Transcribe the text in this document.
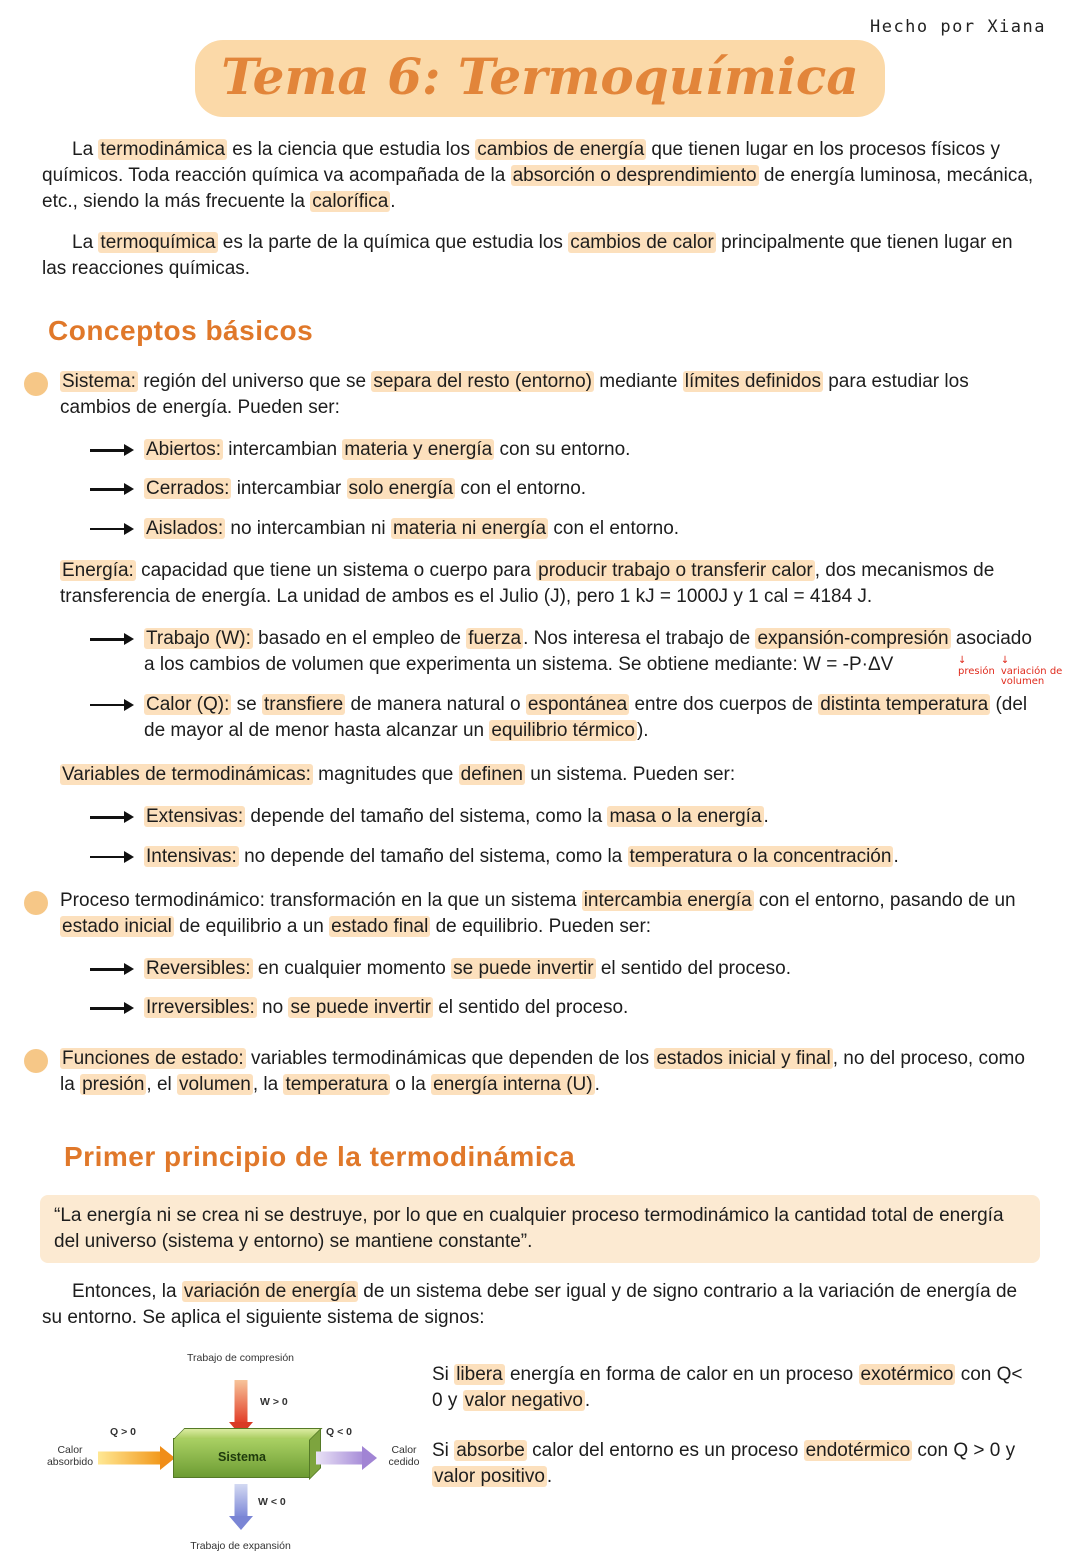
Hecho por Xiana
Tema 6: Termoquímica

La termodinámica es la ciencia que estudia los cambios de energía que tienen lugar en los procesos físicos y químicos. Toda reacción química va acompañada de la absorción o desprendimiento de energía luminosa, mecánica, etc., siendo la más frecuente la calorífica .

La termoquímica es la parte de la química que estudia los cambios de calor principalmente que tienen lugar en las reacciones químicas.

Conceptos básicos
Sistema: región del universo que se separa del resto (entorno) mediante límites definidos para estudiar los cambios de energía. Pueden ser:
Abiertos: intercambian materia y energía con su entorno.
Cerrados: intercambiar solo energía con el entorno.
Aislados: no intercambian ni materia ni energía con el entorno.

Energía: capacidad que tiene un sistema o cuerpo para producir trabajo o transferir calor , dos mecanismos de transferencia de energía. La unidad de ambos es el Julio (J), pero 1 kJ = 1000J y 1 cal = 4184 J.

Trabajo (W): basado en el empleo de fuerza . Nos interesa el trabajo de expansión-compresión asociado a los cambios de volumen que experimenta un sistema. Se obtiene mediante: W = -P·ΔV	↓
presión
↓
variación de volumen
Calor (Q): se transfiere de manera natural o espontánea entre dos cuerpos de distinta temperatura (del de mayor al de menor hasta alcanzar un equilibrio térmico ).

Variables de termodinámicas: magnitudes que definen un sistema. Pueden ser:

Extensivas: depende del tamaño del sistema, como la masa o la energía .
Intensivas: no depende del tamaño del sistema, como la temperatura o la concentración .
Proceso termodinámico: transformación en la que un sistema intercambia energía con el entorno, pasando de un estado inicial de equilibrio a un estado final de equilibrio. Pueden ser:
Reversibles: en cualquier momento se puede invertir el sentido del proceso.
Irreversibles: no se puede invertir el sentido del proceso.
Funciones de estado: variables termodinámicas que dependen de los estados inicial y final , no del proceso, como la presión , el volumen , la temperatura o la energía interna (U) .
Primer principio de la termodinámica
“La energía ni se crea ni se destruye, por lo que en cualquier proceso termodinámico la cantidad total de energía del universo (sistema y entorno) se mantiene constante”.

Entonces, la variación de energía de un sistema debe ser igual y de signo contrario a la variación de energía de su entorno. Se aplica el siguiente sistema de signos:

Trabajo de compresión
W > 0
Q > 0
Calor absorbido	Sistema
Q < 0
Calor cedido
W < 0
Trabajo de expansión

Si libera energía en forma de calor en un proceso exotérmico con Q< 0 y valor negativo .

Si absorbe calor del entorno es un proceso endotérmico con Q > 0 y valor positivo .
